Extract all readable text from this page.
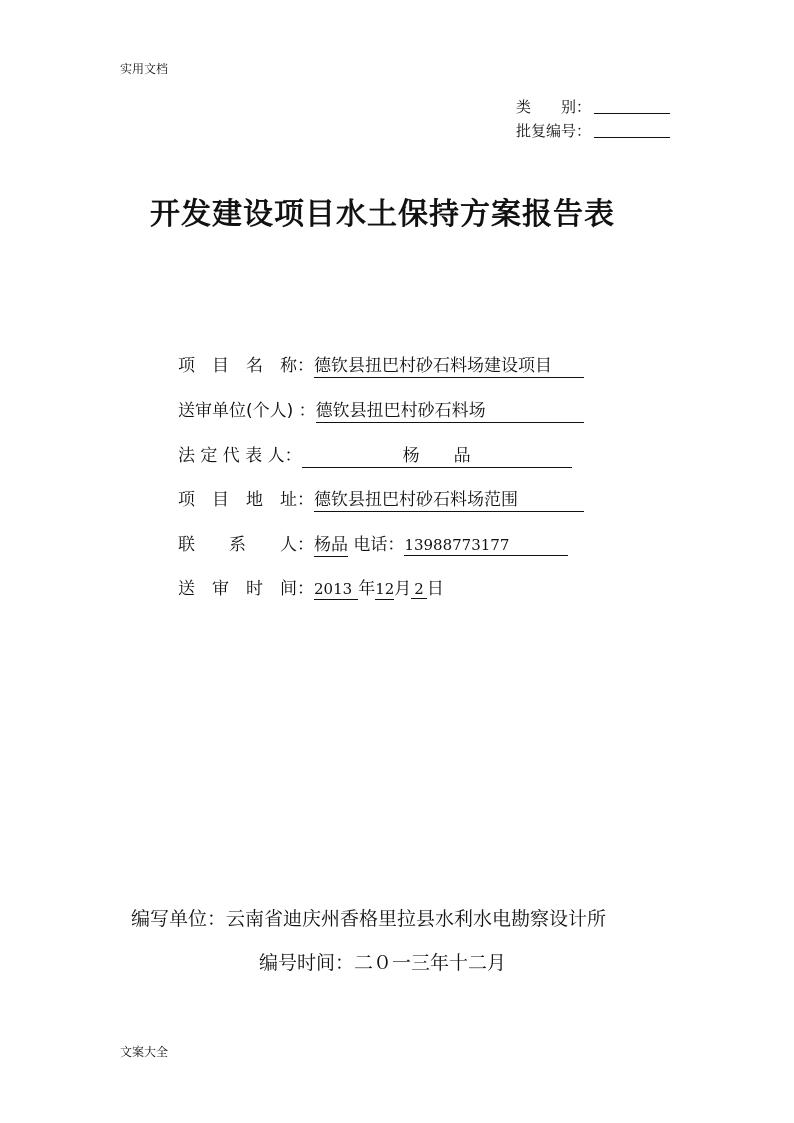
实用文档
类　　别：
批复编号：
开发建设项目水土保持方案报告表
项　目　名　称：德钦县扭巴村砂石料场建设项目
送审单位(个人) ：德钦县扭巴村砂石料场
法 定 代 表 人：	杨　　品
项　目　地　址：德钦县扭巴村砂石料场范围
联　　系　　人：杨品 电话：13988773177
送　审　时　间：2013 年12月 2 日
编写单位：云南省迪庆州香格里拉县水利水电勘察设计所
编号时间：二０一三年十二月
文案大全
